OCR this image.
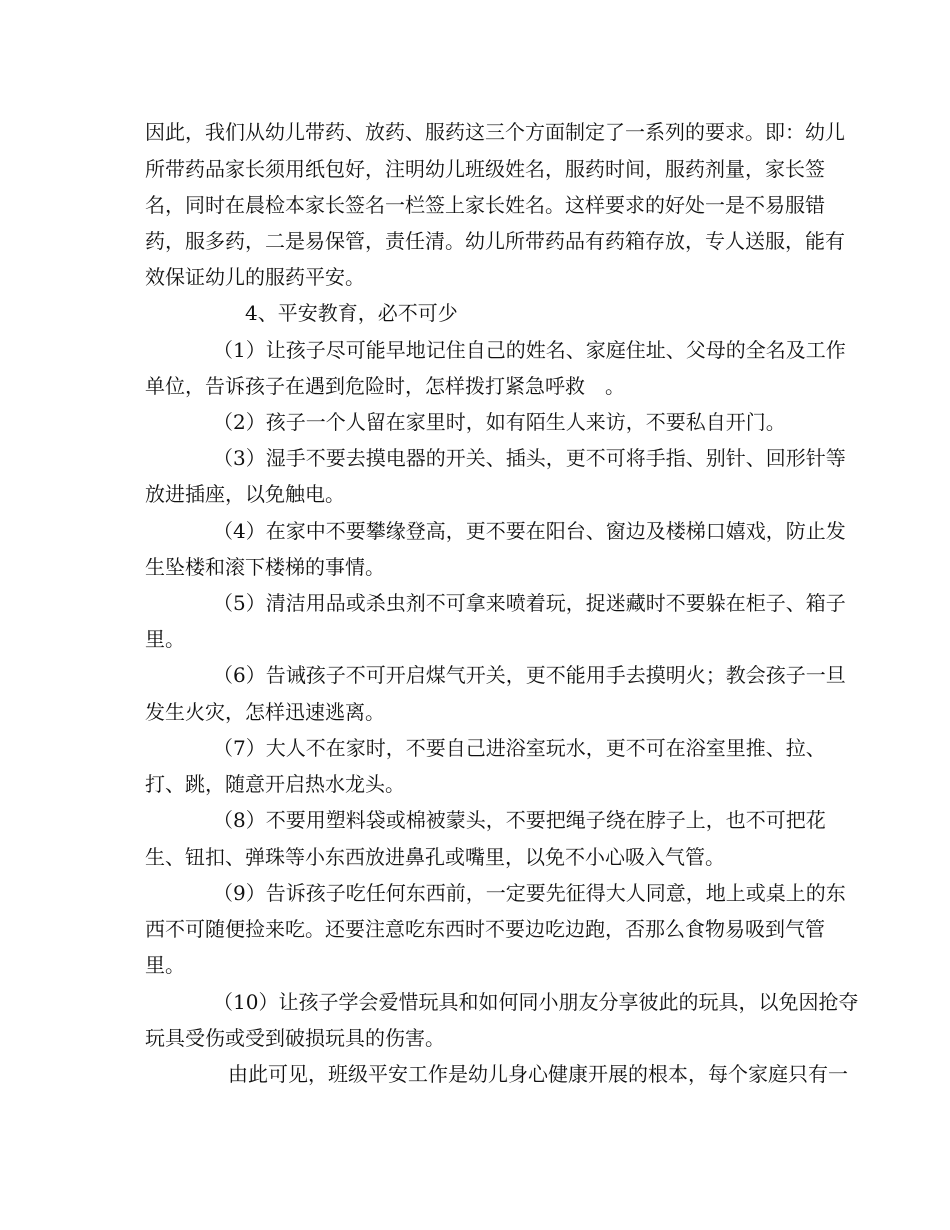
因此，我们从幼儿带药、放药、服药这三个方面制定了一系列的要求。即：幼儿
所带药品家长须用纸包好，注明幼儿班级姓名，服药时间，服药剂量，家长签
名，同时在晨检本家长签名一栏签上家长姓名。这样要求的好处一是不易服错
药，服多药，二是易保管，责任清。幼儿所带药品有药箱存放，专人送服，能有
效保证幼儿的服药平安。
4、平安教育，必不可少
（1）让孩子尽可能早地记住自己的姓名、家庭住址、父母的全名及工作
单位，告诉孩子在遇到危险时，怎样拨打紧急呼救　。
（2）孩子一个人留在家里时，如有陌生人来访，不要私自开门。
（3）湿手不要去摸电器的开关、插头，更不可将手指、别针、回形针等
放进插座，以免触电。
（4）在家中不要攀缘登高，更不要在阳台、窗边及楼梯口嬉戏，防止发
生坠楼和滚下楼梯的事情。
（5）清洁用品或杀虫剂不可拿来喷着玩，捉迷藏时不要躲在柜子、箱子
里。
（6）告诫孩子不可开启煤气开关，更不能用手去摸明火；教会孩子一旦
发生火灾，怎样迅速逃离。
（7）大人不在家时，不要自己进浴室玩水，更不可在浴室里推、拉、
打、跳，随意开启热水龙头。
（8）不要用塑料袋或棉被蒙头，不要把绳子绕在脖子上，也不可把花
生、钮扣、弹珠等小东西放进鼻孔或嘴里，以免不小心吸入气管。
（9）告诉孩子吃任何东西前，一定要先征得大人同意，地上或桌上的东
西不可随便捡来吃。还要注意吃东西时不要边吃边跑，否那么食物易吸到气管
里。
（10）让孩子学会爱惜玩具和如何同小朋友分享彼此的玩具，以免因抢夺
玩具受伤或受到破损玩具的伤害。
由此可见，班级平安工作是幼儿身心健康开展的根本，每个家庭只有一
